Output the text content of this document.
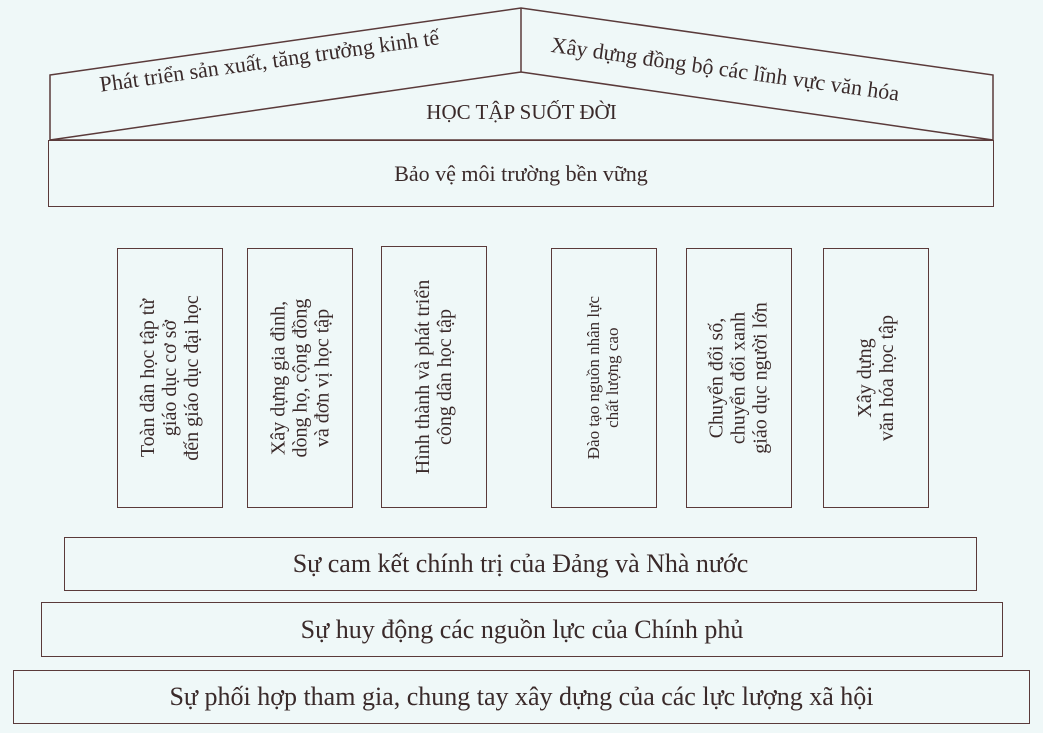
Phát triển sản xuất, tăng trưởng kinh tế	Xây dựng đồng bộ các lĩnh vực văn hóa
HỌC TẬP SUỐT ĐỜI
Bảo vệ môi trường bền vững
Toàn dân học tập từ giáo dục cơ sở đến giáo dục đại học	Xây dựng gia đình, dòng họ, cộng đồng và đơn vị học tập	Hình thành và phát triển công dân học tập	Đào tạo nguồn nhân lực chất lượng cao	Chuyển đổi số, chuyển đổi xanh giáo dục người lớn	Xây dựng văn hóa học tập
Sự cam kết chính trị của Đảng và Nhà nước
Sự huy động các nguồn lực của Chính phủ
Sự phối hợp tham gia, chung tay xây dựng của các lực lượng xã hội
